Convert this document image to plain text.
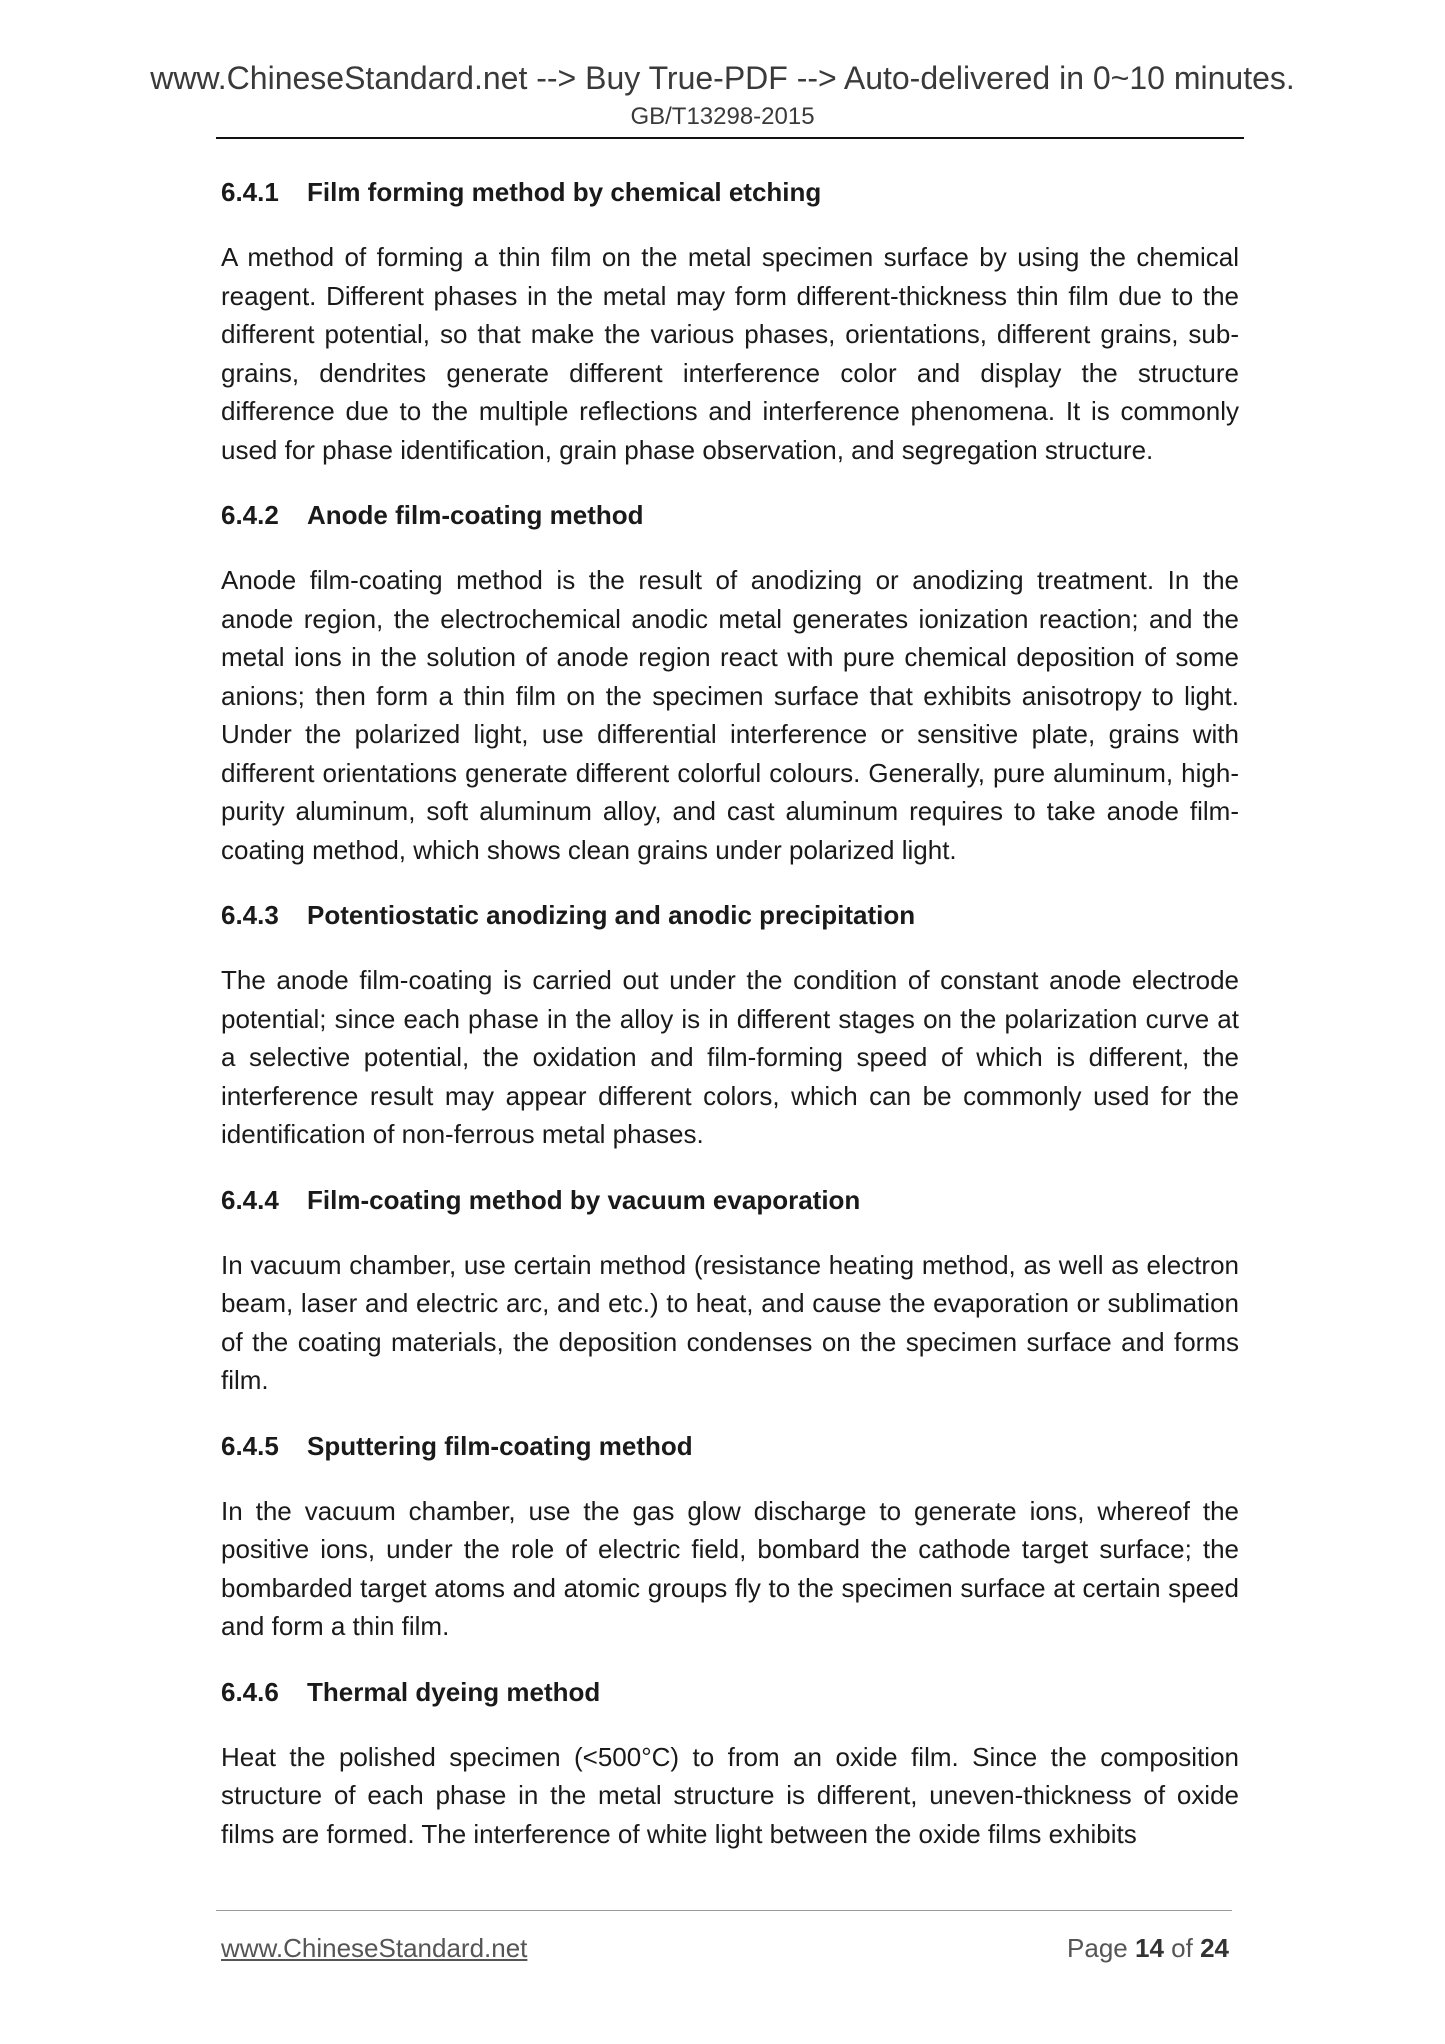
www.ChineseStandard.net --> Buy True-PDF --> Auto-delivered in 0~10 minutes.
GB/T13298-2015
6.4.1	Film forming method by chemical etching

A method of forming a thin film on the metal specimen surface by using the chemical reagent. Different phases in the metal may form different-thickness thin film due to the different potential, so that make the various phases, orientations, different grains, sub-grains, dendrites generate different interference color and display the structure difference due to the multiple reflections and interference phenomena. It is commonly used for phase identification, grain phase observation, and segregation structure.

6.4.2	Anode film-coating method

Anode film-coating method is the result of anodizing or anodizing treatment. In the anode region, the electrochemical anodic metal generates ionization reaction; and the metal ions in the solution of anode region react with pure chemical deposition of some anions; then form a thin film on the specimen surface that exhibits anisotropy to light. Under the polarized light, use differential interference or sensitive plate, grains with different orientations generate different colorful colours. Generally, pure aluminum, high-purity aluminum, soft aluminum alloy, and cast aluminum requires to take anode film-coating method, which shows clean grains under polarized light.

6.4.3	Potentiostatic anodizing and anodic precipitation

The anode film-coating is carried out under the condition of constant anode electrode potential; since each phase in the alloy is in different stages on the polarization curve at a selective potential, the oxidation and film-forming speed of which is different, the interference result may appear different colors, which can be commonly used for the identification of non-ferrous metal phases.

6.4.4	Film-coating method by vacuum evaporation

In vacuum chamber, use certain method (resistance heating method, as well as electron beam, laser and electric arc, and etc.) to heat, and cause the evaporation or sublimation of the coating materials, the deposition condenses on the specimen surface and forms film.

6.4.5	Sputtering film-coating method

In the vacuum chamber, use the gas glow discharge to generate ions, whereof the positive ions, under the role of electric field, bombard the cathode target surface; the bombarded target atoms and atomic groups fly to the specimen surface at certain speed and form a thin film.

6.4.6	Thermal dyeing method

Heat the polished specimen (<500°C) to from an oxide film. Since the composition structure of each phase in the metal structure is different, uneven-thickness of oxide films are formed. The interference of white light between the oxide films exhibits

www.ChineseStandard.net	Page 14 of 24
